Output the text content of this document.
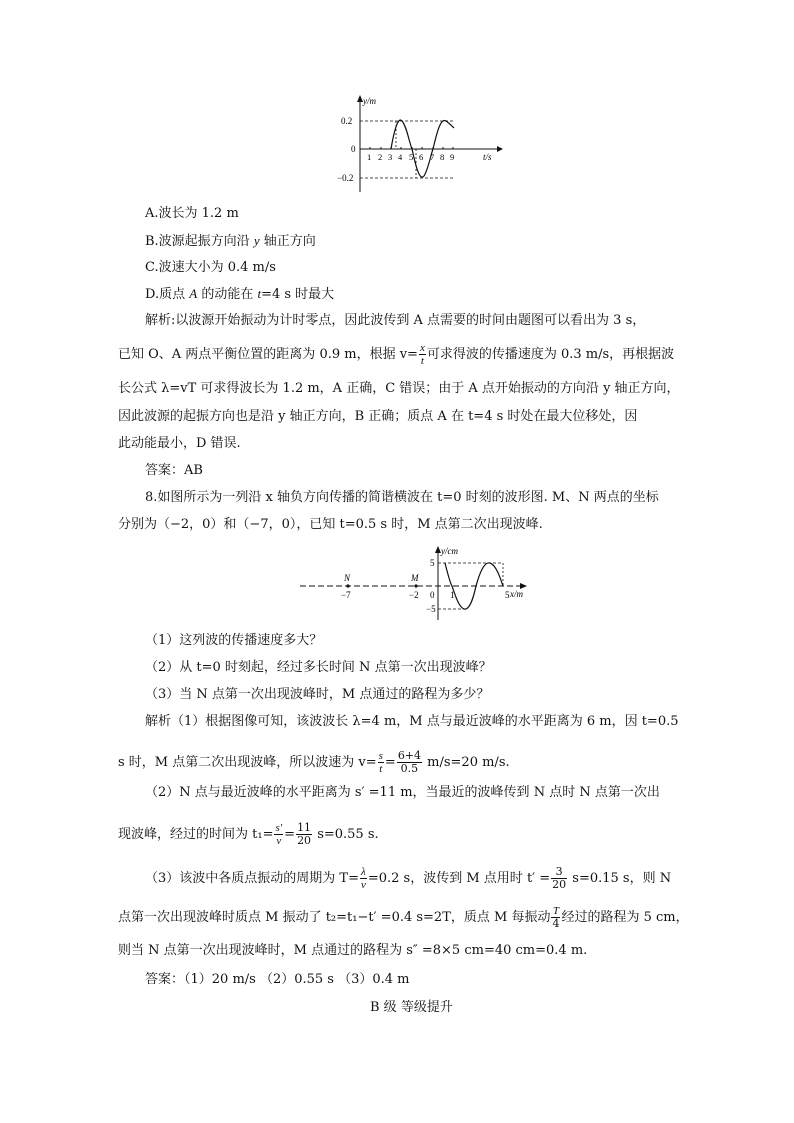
y/m
t/s
0.2
0
−0.2
1 2 3 4 5 6 7 8 9
A.波长为 1.2 m
B.波源起振方向沿 y 轴正方向
C.波速大小为 0.4 m/s
D.质点 A 的动能在 t=4 s 时最大
解析:以波源开始振动为计时零点，因此波传到 A 点需要的时间由题图可以看出为 3 s，
已知 O、A 两点平衡位置的距离为 0.9 m，根据 $v= \frac{x}{t}$ 可求得波的传播速度为 0.3 m/s，再根据波
长公式 λ=vT 可求得波长为 1.2 m，A 正确，C 错误；由于 A 点开始振动的方向沿 y 轴正方向，
因此波源的起振方向也是沿 y 轴正方向，B 正确；质点 A 在 t=4 s 时处在最大位移处，因
此动能最小，D 错误.
答案：AB
8.如图所示为一列沿 x 轴负方向传播的简谐横波在 t=0 时刻的波形图. M、N 两点的坐标
分别为（−2，0）和（−7，0），已知 t=0.5 s 时，M 点第二次出现波峰.
N	M
y/cm
x/m
−7	−2 0 1	5
5
−5
（1）这列波的传播速度多大？
（2）从 t=0 时刻起，经过多长时间 N 点第一次出现波峰？
（3）当 N 点第一次出现波峰时，M 点通过的路程为多少？
解析（1）根据图像可知，该波波长 λ=4 m，M 点与最近波峰的水平距离为 6 m，因 t=0.5
s 时，M 点第二次出现波峰，所以波速为 $v= \frac{s}{t} = \frac{6+4}{0.5} m/s=20$ m/s.
（2）N 点与最近波峰的水平距离为 s′ =11 m，当最近的波峰传到 N 点时 N 点第一次出
现波峰，经过的时间为 $t_1= \frac{s'}{v} = \frac{11}{20} s=0.55$ s.
（3）该波中各质点振动的周期为 $T= \frac{\lambda}{v} =0.2$ s，波传到 M 点用时 $t' = \frac{3}{20} s=0.15$ s，则 N
点第一次出现波峰时质点 M 振动了 t₂=t₁−t′ =0.4 s=2T，质点 M 每振动 $\frac{T}{4}$ 经过的路程为 5 cm，
则当 N 点第一次出现波峰时，M 点通过的路程为 s″ =8×5 cm=40 cm=0.4 m.
答案：（1）20 m/s （2）0.55 s （3）0.4 m
B 级 等级提升
